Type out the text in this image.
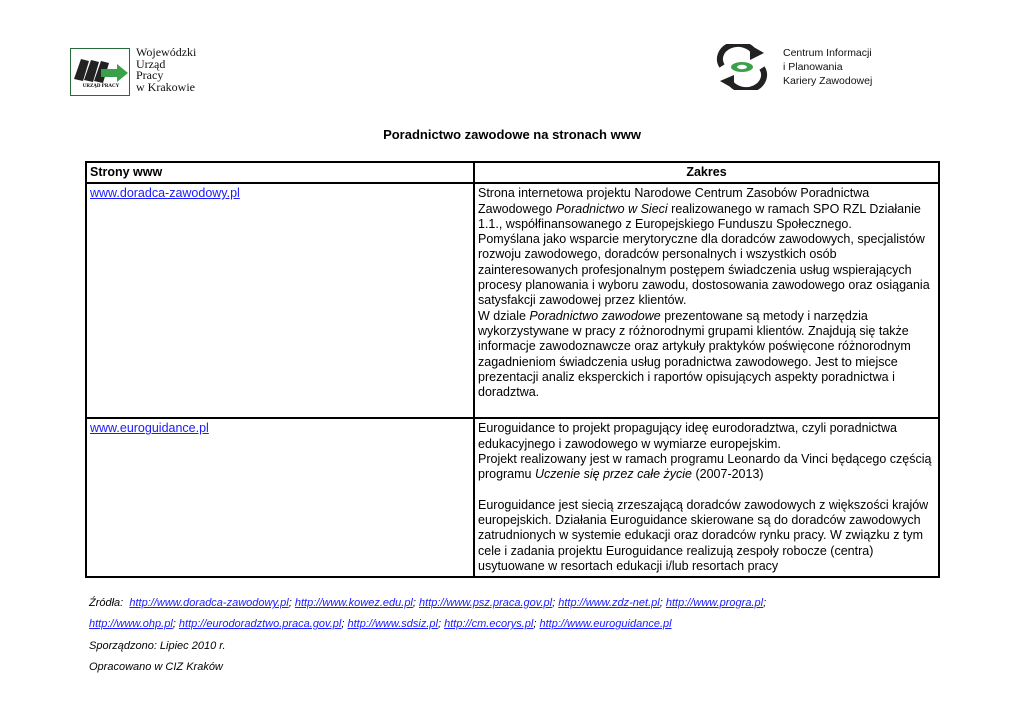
URZĄD PRACY
Wojewódzki
Urząd
Pracy
w Krakowie
Centrum Informacji
i Planowania
Kariery Zawodowej
Poradnictwo zawodowe na stronach www
Strony www	Zakres
www.doradca-zawodowy.pl	Strona internetowa projektu Narodowe Centrum Zasobów Poradnictwa Zawodowego Poradnictwo w Sieci realizowanego w ramach SPO RZL Działanie 1.1., współfinansowanego z Europejskiego Funduszu Społecznego.
Pomyślana jako wsparcie merytoryczne dla doradców zawodowych, specjalistów rozwoju zawodowego, doradców personalnych i wszystkich osób zainteresowanych profesjonalnym postępem świadczenia usług wspierających procesy planowania i wyboru zawodu, dostosowania zawodowego oraz osiągania satysfakcji zawodowej przez klientów.
W dziale Poradnictwo zawodowe prezentowane są metody i narzędzia wykorzystywane w pracy z różnorodnymi grupami klientów. Znajdują się także informacje zawodoznawcze oraz artykuły praktyków poświęcone różnorodnym zagadnieniom świadczenia usług poradnictwa zawodowego. Jest to miejsce prezentacji analiz eksperckich i raportów opisujących aspekty poradnictwa i doradztwa.

www.euroguidance.pl	Euroguidance to projekt propagujący ideę eurodoradztwa, czyli poradnictwa edukacyjnego i zawodowego w wymiarze europejskim.
Projekt realizowany jest w ramach programu Leonardo da Vinci będącego częścią programu Uczenie się przez całe życie (2007-2013)
Euroguidance jest siecią zrzeszającą doradców zawodowych z większości krajów europejskich. Działania Euroguidance skierowane są do doradców zawodowych zatrudnionych w systemie edukacji oraz doradców rynku pracy. W związku z tym cele i zadania projektu Euroguidance realizują zespoły robocze (centra) usytuowane w resortach edukacji i/lub resortach pracy
Źródła: http://www.doradca-zawodowy.pl; http://www.kowez.edu.pl; http://www.psz.praca.gov.pl; http://www.zdz-net.pl; http://www.progra.pl;
http://www.ohp.pl; http://eurodoradztwo.praca.gov.pl; http://www.sdsiz.pl; http://cm.ecorys.pl; http://www.euroguidance.pl
Sporządzono: Lipiec 2010 r.
Opracowano w CIZ Kraków
